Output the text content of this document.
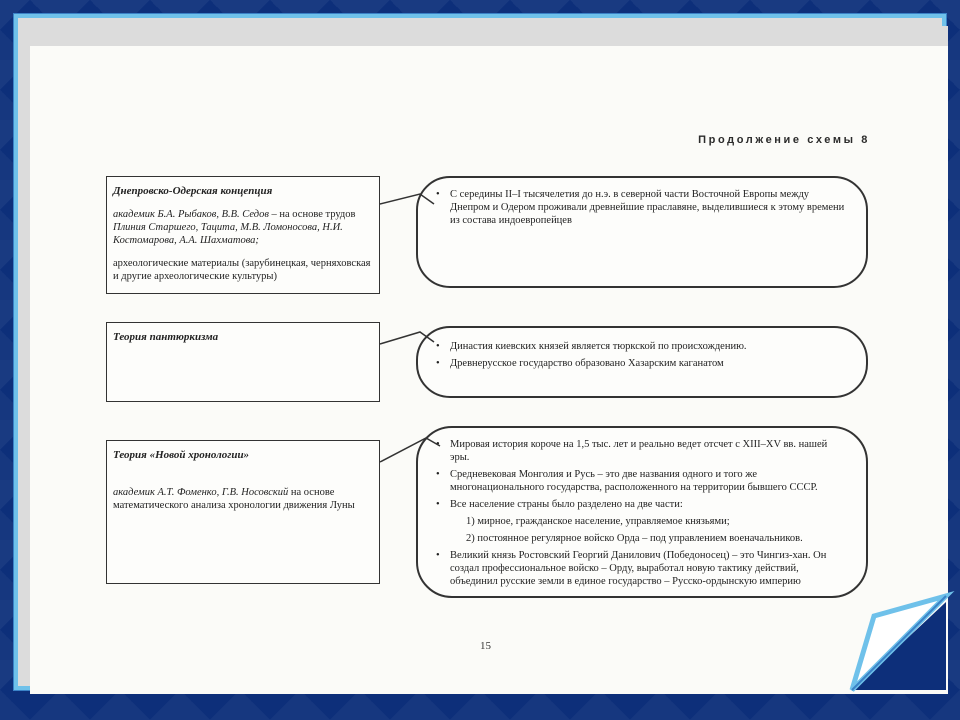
Продолжение схемы 8
Днепровско-Одерская концепция
академик Б.А. Рыбаков, В.В. Седов – на основе трудов Плиния Старшего, Тацита, М.В. Ломоносова, Н.И. Костомарова, А.А. Шахматова;
археологические материалы (зарубинецкая, черняховская и другие археологические культуры)
• С середины II–I тысячелетия до н.э. в северной части Восточной Европы между Днепром и Одером проживали древнейшие праславяне, выделившиеся к этому времени из состава индоевропейцев
Теория пантюркизма
• Династия киевских князей является тюркской по происхождению.
• Древнерусское государство образовано Хазарским каганатом
Теория «Новой хронологии»
академик А.Т. Фоменко, Г.В. Носовский на основе математического анализа хронологии движения Луны
• Мировая история короче на 1,5 тыс. лет и реально ведет отсчет с XIII–XV вв. нашей эры.
• Средневековая Монголия и Русь – это две названия одного и того же многонационального государства, расположенного на территории бывшего СССР.
• Все население страны было разделено на две части:
1) мирное, гражданское население, управляемое князьями;
2) постоянное регулярное войско Орда – под управлением военачальников.
• Великий князь Ростовский Георгий Данилович (Победоносец) – это Чингиз-хан. Он создал профессиональное войско – Орду, выработал новую тактику действий, объединил русские земли в единое государство – Русско-ордынскую империю
15
